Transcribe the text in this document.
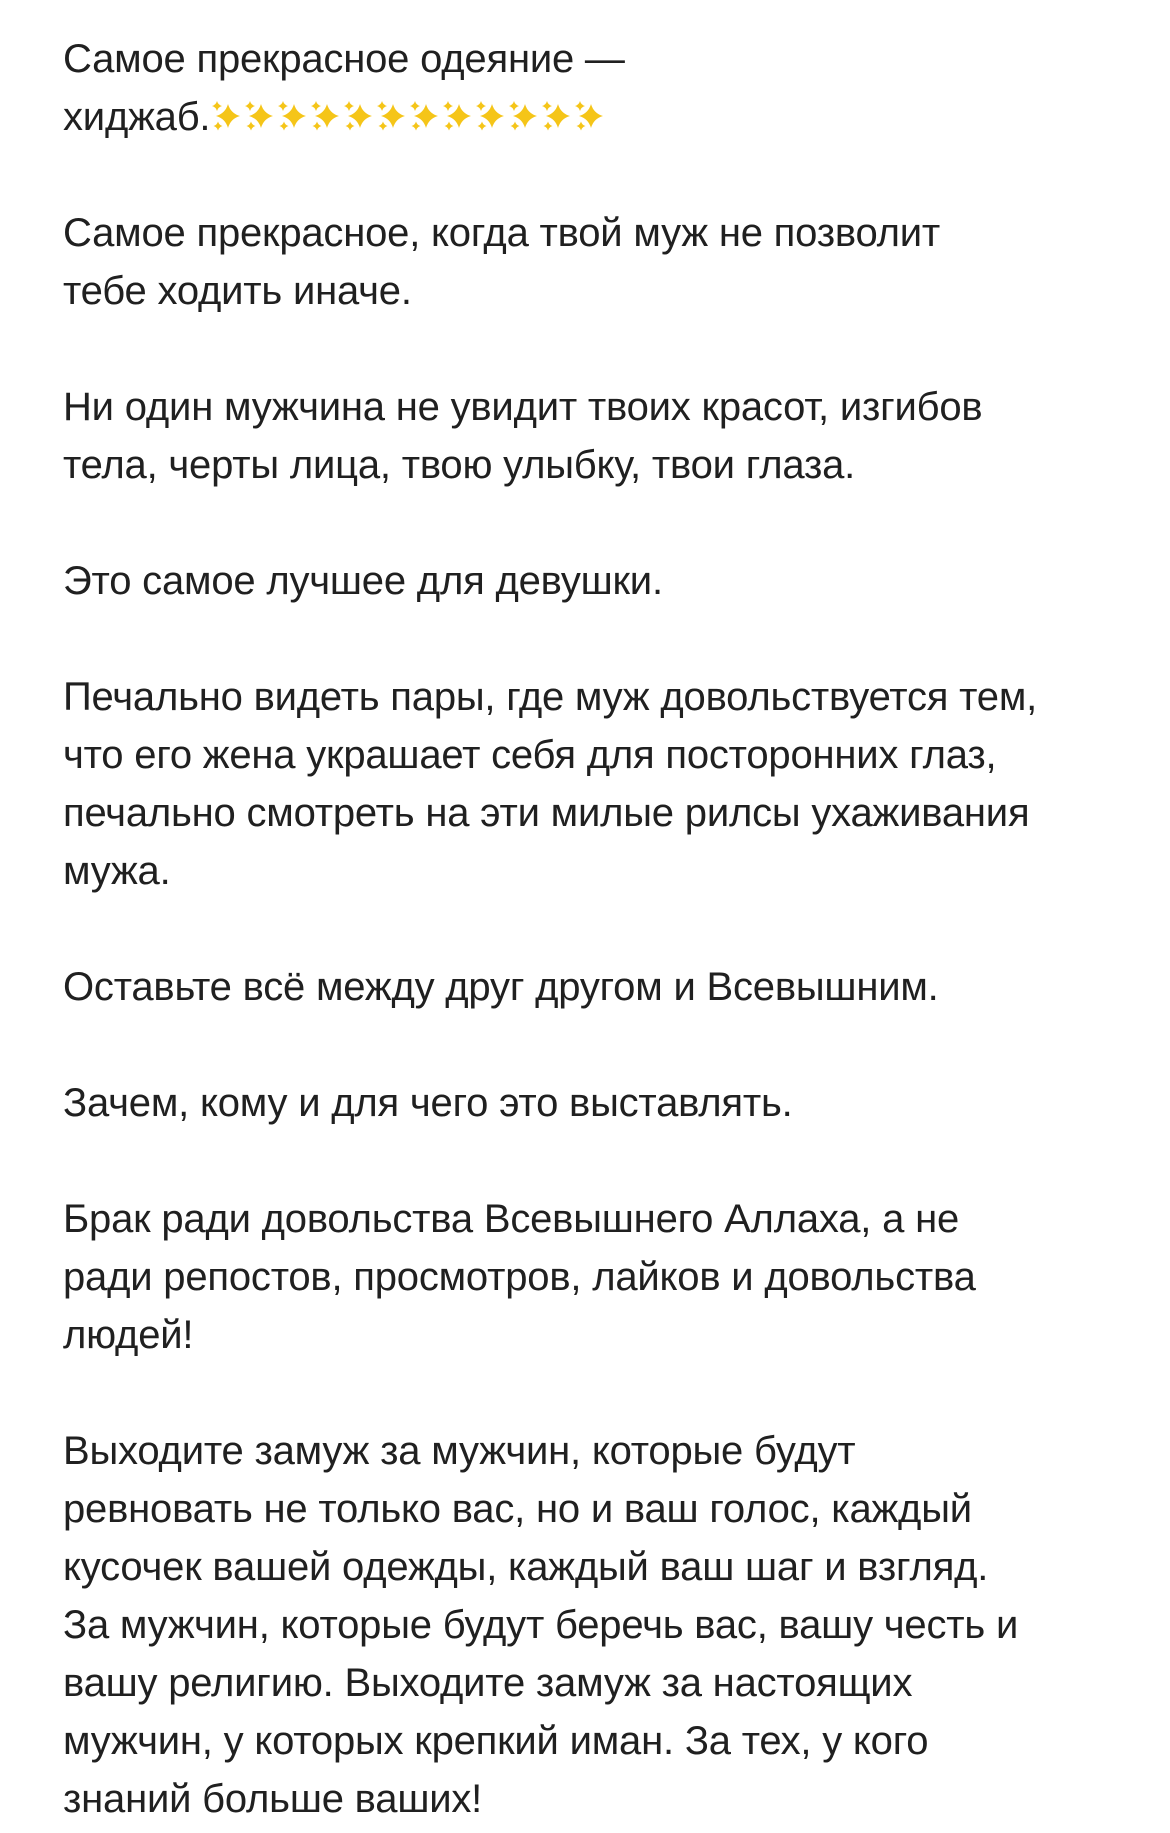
Самое прекрасное одеяние —
хиджаб.

Самое прекрасное, когда твой муж не позволит
тебе ходить иначе.

Ни один мужчина не увидит твоих красот, изгибов
тела, черты лица, твою улыбку, твои глаза.

Это самое лучшее для девушки.

Печально видеть пары, где муж довольствуется тем,
что его жена украшает себя для посторонних глаз,
печально смотреть на эти милые рилсы ухаживания
мужа.

Оставьте всё между друг другом и Всевышним.

Зачем, кому и для чего это выставлять.

Брак ради довольства Всевышнего Аллаха, а не
ради репостов, просмотров, лайков и довольства
людей!

Выходите замуж за мужчин, которые будут
ревновать не только вас, но и ваш голос, каждый
кусочек вашей одежды, каждый ваш шаг и взгляд.
За мужчин, которые будут беречь вас, вашу честь и
вашу религию. Выходите замуж за настоящих
мужчин, у которых крепкий иман. За тех, у кого
знаний больше ваших!
